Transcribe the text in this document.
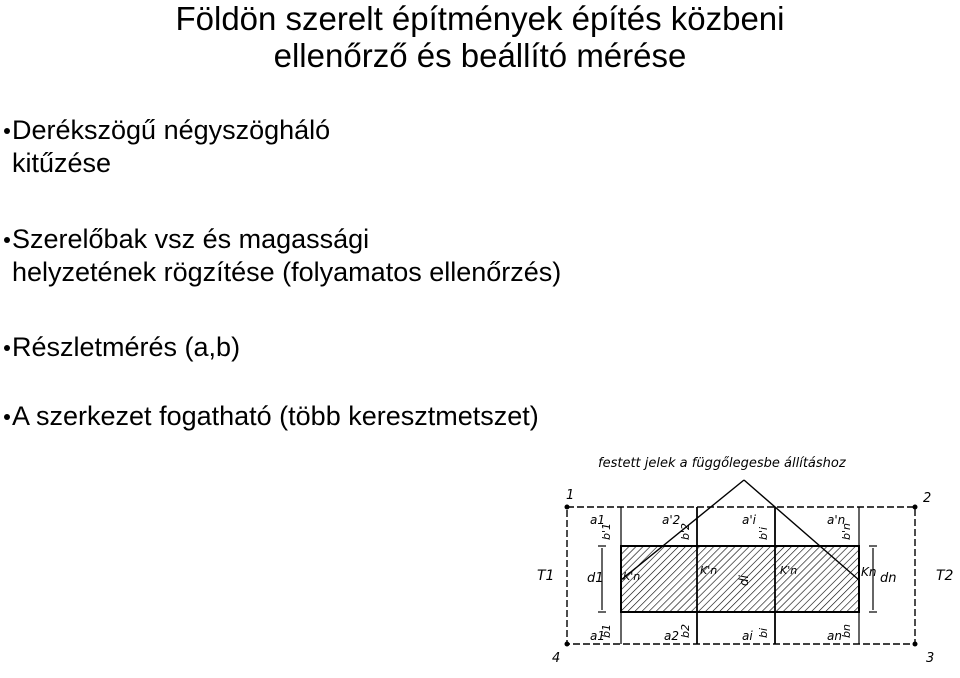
Földön szerelt építmények építés közbeni
ellenőrző és beállító mérése
Derékszögű négyszögháló
kitűzése
Szerelőbak vsz és magassági
helyzetének rögzítése (folyamatos ellenőrzés)
Részletmérés (a,b)
A szerkezet fogatható (több keresztmetszet)
festett jelek a függőlegesbe állításhoz
1	2
3
4
T1	T2
a1	a'2	a'i	a'n
b'1	b'2	b'i	b'n
a1	a2	ai	an
b1	b2	bi	bn
K'n	K'n	K'n	Kn
d1	di	dn
